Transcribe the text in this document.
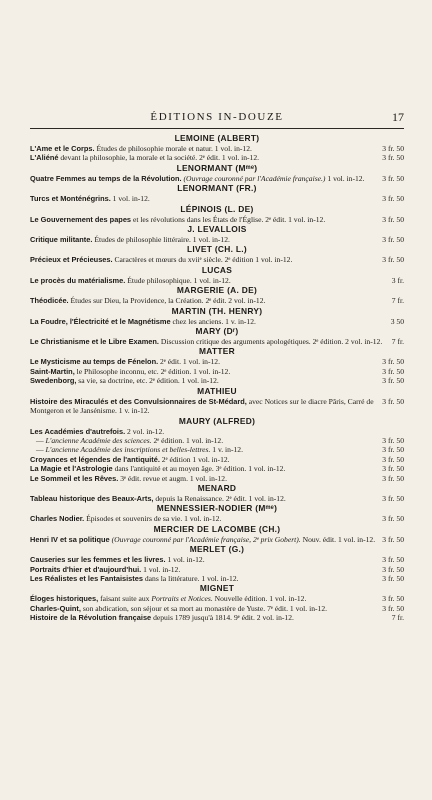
ÉDITIONS IN-DOUZE	17
LEMOINE (ALBERT)
3 fr. 50
L'Ame et le Corps. Études de philosophie morale et natur. 1 vol. in-12.
3 fr. 50
L'Aliéné devant la philosophie, la morale et la société. 2ᵉ édit. 1 vol. in-12.
LENORMANT (Mᵐᵉ)
3 fr. 50
Quatre Femmes au temps de la Révolution. (Ouvrage couronné par l'Académie française.) 1 vol. in-12.
LENORMANT (FR.)
3 fr. 50
Turcs et Monténégrins. 1 vol. in-12.
LÉPINOIS (L. DE)
3 fr. 50
Le Gouvernement des papes et les révolutions dans les États de l'Église. 2ᵉ édit. 1 vol. in-12.
J. LEVALLOIS
3 fr. 50
Critique militante. Études de philosophie littéraire. 1 vol. in-12.
LIVET (CH. L.)
3 fr. 50
Précieux et Précieuses. Caractères et mœurs du xviiᵉ siècle. 2ᵉ édition 1 vol. in-12.
LUCAS
3 fr.
Le procès du matérialisme. Étude philosophique. 1 vol. in-12.
MARGERIE (A. DE)
7 fr.
Théodicée. Études sur Dieu, la Providence, la Création. 2ᵉ édit. 2 vol. in-12.
MARTIN (TH. HENRY)
3 50
La Foudre, l'Électricité et le Magnétisme chez les anciens. 1 v. in-12.
MARY (Dʳ)
7 fr.
Le Christianisme et le Libre Examen. Discussion critique des arguments apologétiques. 2ᵉ édition. 2 vol. in-12.
MATTER
3 fr. 50
Le Mysticisme au temps de Fénelon. 2ᵉ édit. 1 vol. in-12.
3 fr. 50
Saint-Martin, le Philosophe inconnu, etc. 2ᵉ édition. 1 vol. in-12.
3 fr. 50
Swedenborg, sa vie, sa doctrine, etc. 2ᵉ édition. 1 vol. in-12.
MATHIEU
3 fr. 50
Histoire des Miraculés et des Convulsionnaires de St-Médard, avec Notices sur le diacre Pâris, Carré de Montgeron et le Jansénisme. 1 v. in-12.
MAURY (ALFRED)
Les Académies d'autrefois. 2 vol. in-12.
3 fr. 50
— L'ancienne Académie des sciences. 2ᵉ édition. 1 vol. in-12.
3 fr. 50
— L'ancienne Académie des inscriptions et belles-lettres. 1 v. in-12.
3 fr. 50
Croyances et légendes de l'antiquité. 2ᵉ édition 1 vol. in-12.
3 fr. 50
La Magie et l'Astrologie dans l'antiquité et au moyen âge. 3ᵉ édition. 1 vol. in-12.
3 fr. 50
Le Sommeil et les Rêves. 3ᵉ édit. revue et augm. 1 vol. in-12.
MENARD
3 fr. 50
Tableau historique des Beaux-Arts, depuis la Renaissance. 2ᵉ édit. 1 vol. in-12.
MENNESSIER-NODIER (Mᵐᵉ)
3 fr. 50
Charles Nodier. Épisodes et souvenirs de sa vie. 1 vol. in-12.
MERCIER DE LACOMBE (CH.)
3 fr. 50
Henri IV et sa politique (Ouvrage couronné par l'Académie française, 2ᵉ prix Gobert). Nouv. édit. 1 vol. in-12.
MERLET (G.)
3 fr. 50
Causeries sur les femmes et les livres. 1 vol. in-12.
3 fr. 50
Portraits d'hier et d'aujourd'hui. 1 vol. in-12.
3 fr. 50
Les Réalistes et les Fantaisistes dans la littérature. 1 vol. in-12.
MIGNET
3 fr. 50
Éloges historiques, faisant suite aux Portraits et Notices. Nouvelle édition. 1 vol. in-12.
3 fr. 50
Charles-Quint, son abdication, son séjour et sa mort au monastère de Yuste. 7ᵉ édit. 1 vol. in-12.
7 fr.
Histoire de la Révolution française depuis 1789 jusqu'à 1814. 9ᵉ édit. 2 vol. in-12.
